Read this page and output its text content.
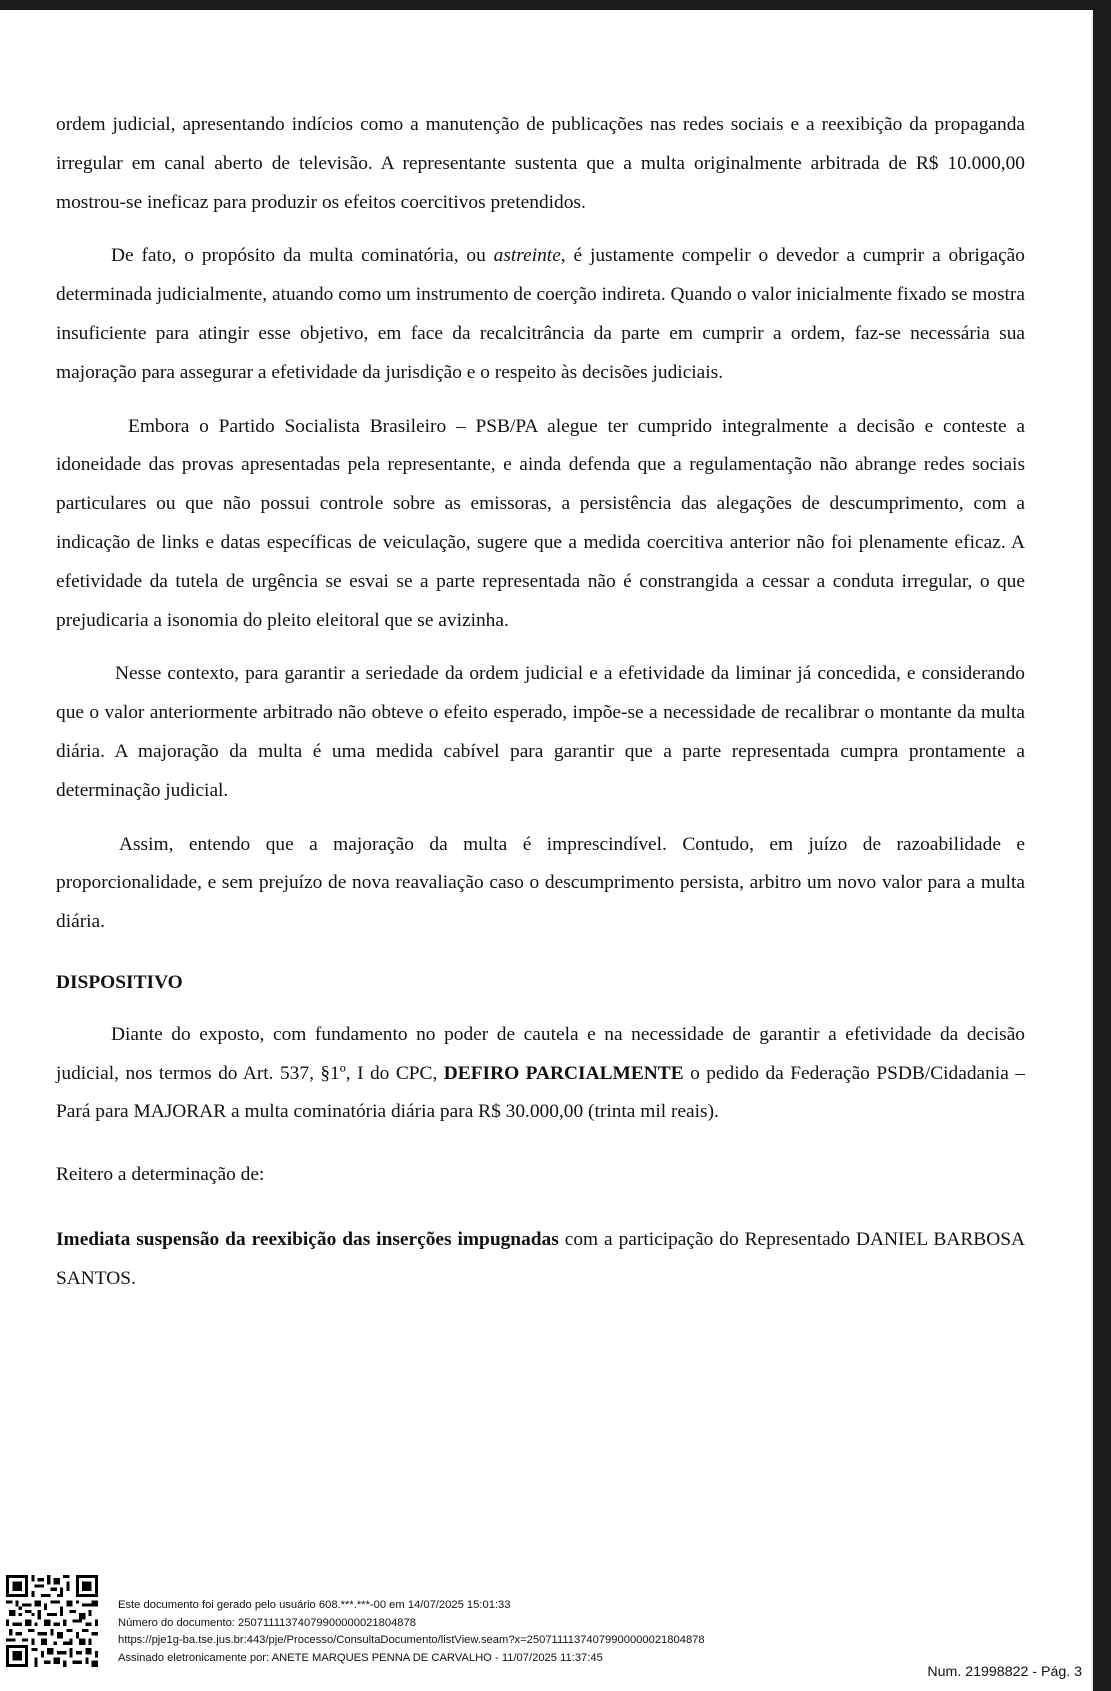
ordem judicial, apresentando indícios como a manutenção de publicações nas redes sociais e a reexibição da propaganda irregular em canal aberto de televisão. A representante sustenta que a multa originalmente arbitrada de R$ 10.000,00 mostrou-se ineficaz para produzir os efeitos coercitivos pretendidos.

De fato, o propósito da multa cominatória, ou astreinte, é justamente compelir o devedor a cumprir a obrigação determinada judicialmente, atuando como um instrumento de coerção indireta. Quando o valor inicialmente fixado se mostra insuficiente para atingir esse objetivo, em face da recalcitrância da parte em cumprir a ordem, faz-se necessária sua majoração para assegurar a efetividade da jurisdição e o respeito às decisões judiciais.

Embora o Partido Socialista Brasileiro – PSB/PA alegue ter cumprido integralmente a decisão e conteste a idoneidade das provas apresentadas pela representante, e ainda defenda que a regulamentação não abrange redes sociais particulares ou que não possui controle sobre as emissoras, a persistência das alegações de descumprimento, com a indicação de links e datas específicas de veiculação, sugere que a medida coercitiva anterior não foi plenamente eficaz. A efetividade da tutela de urgência se esvai se a parte representada não é constrangida a cessar a conduta irregular, o que prejudicaria a isonomia do pleito eleitoral que se avizinha.

Nesse contexto, para garantir a seriedade da ordem judicial e a efetividade da liminar já concedida, e considerando que o valor anteriormente arbitrado não obteve o efeito esperado, impõe-se a necessidade de recalibrar o montante da multa diária. A majoração da multa é uma medida cabível para garantir que a parte representada cumpra prontamente a determinação judicial.

Assim, entendo que a majoração da multa é imprescindível. Contudo, em juízo de razoabilidade e proporcionalidade, e sem prejuízo de nova reavaliação caso o descumprimento persista, arbitro um novo valor para a multa diária.

DISPOSITIVO

Diante do exposto, com fundamento no poder de cautela e na necessidade de garantir a efetividade da decisão judicial, nos termos do Art. 537, §1º, I do CPC, DEFIRO PARCIALMENTE o pedido da Federação PSDB/Cidadania – Pará para MAJORAR a multa cominatória diária para R$ 30.000,00 (trinta mil reais).

Reitero a determinação de:

Imediata suspensão da reexibição das inserções impugnadas com a participação do Representado DANIEL BARBOSA SANTOS.

Este documento foi gerado pelo usuário 608.***.***-00 em 14/07/2025 15:01:33
Número do documento: 25071111374079900000021804878
https://pje1g-ba.tse.jus.br:443/pje/Processo/ConsultaDocumento/listView.seam?x=25071111374079900000021804878
Assinado eletronicamente por: ANETE MARQUES PENNA DE CARVALHO - 11/07/2025 11:37:45
Num. 21998822 - Pág. 3
